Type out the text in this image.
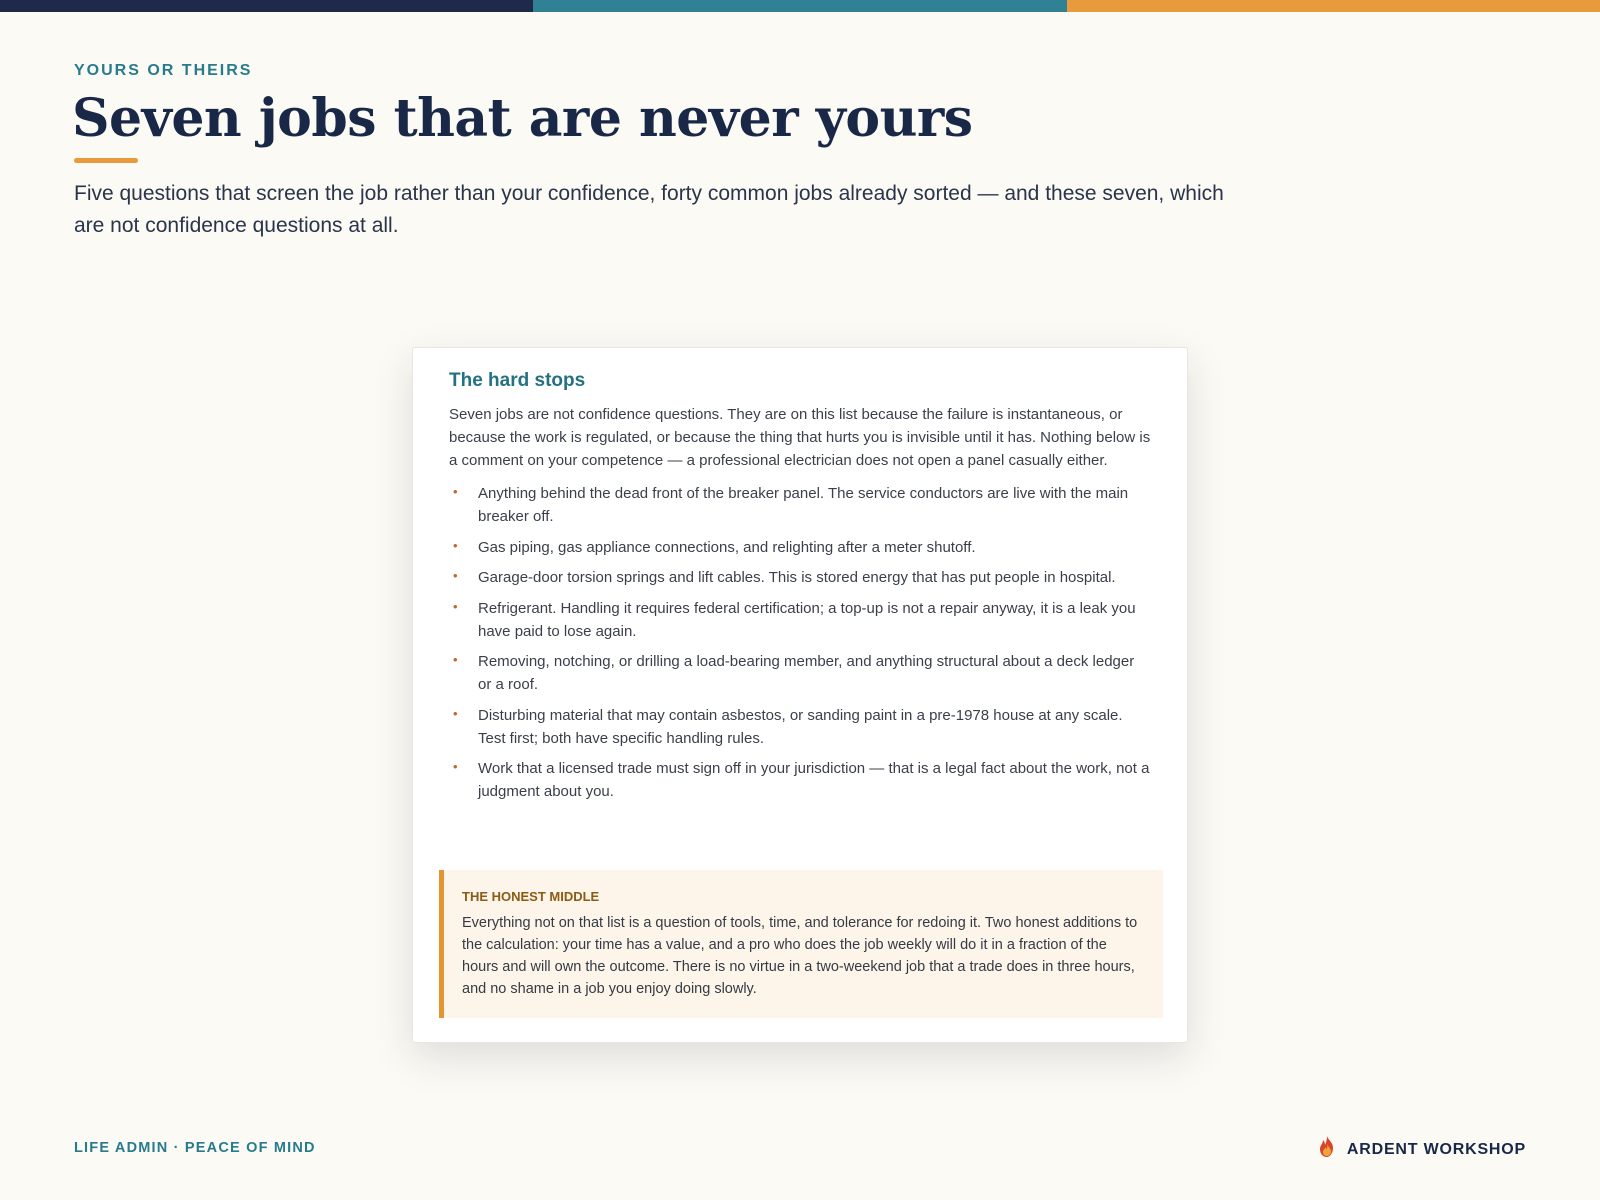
YOURS OR THEIRS
Seven jobs that are never yours

Five questions that screen the job rather than your confidence, forty common jobs already sorted — and these seven, which are not confidence questions at all.

The hard stops

Seven jobs are not confidence questions. They are on this list because the failure is instantaneous, or because the work is regulated, or because the thing that hurts you is invisible until it has. Nothing below is a comment on your competence — a professional electrician does not open a panel casually either.

• Anything behind the dead front of the breaker panel. The service conductors are live with the main breaker off.
• Gas piping, gas appliance connections, and relighting after a meter shutoff.
• Garage-door torsion springs and lift cables. This is stored energy that has put people in hospital.
• Refrigerant. Handling it requires federal certification; a top-up is not a repair anyway, it is a leak you have paid to lose again.
• Removing, notching, or drilling a load-bearing member, and anything structural about a deck ledger or a roof.
• Disturbing material that may contain asbestos, or sanding paint in a pre-1978 house at any scale. Test first; both have specific handling rules.
• Work that a licensed trade must sign off in your jurisdiction — that is a legal fact about the work, not a judgment about you.
THE HONEST MIDDLE

Everything not on that list is a question of tools, time, and tolerance for redoing it. Two honest additions to the calculation: your time has a value, and a pro who does the job weekly will do it in a fraction of the hours and will own the outcome. There is no virtue in a two-weekend job that a trade does in three hours, and no shame in a job you enjoy doing slowly.

LIFE ADMIN · PEACE OF MIND	ARDENT WORKSHOP
